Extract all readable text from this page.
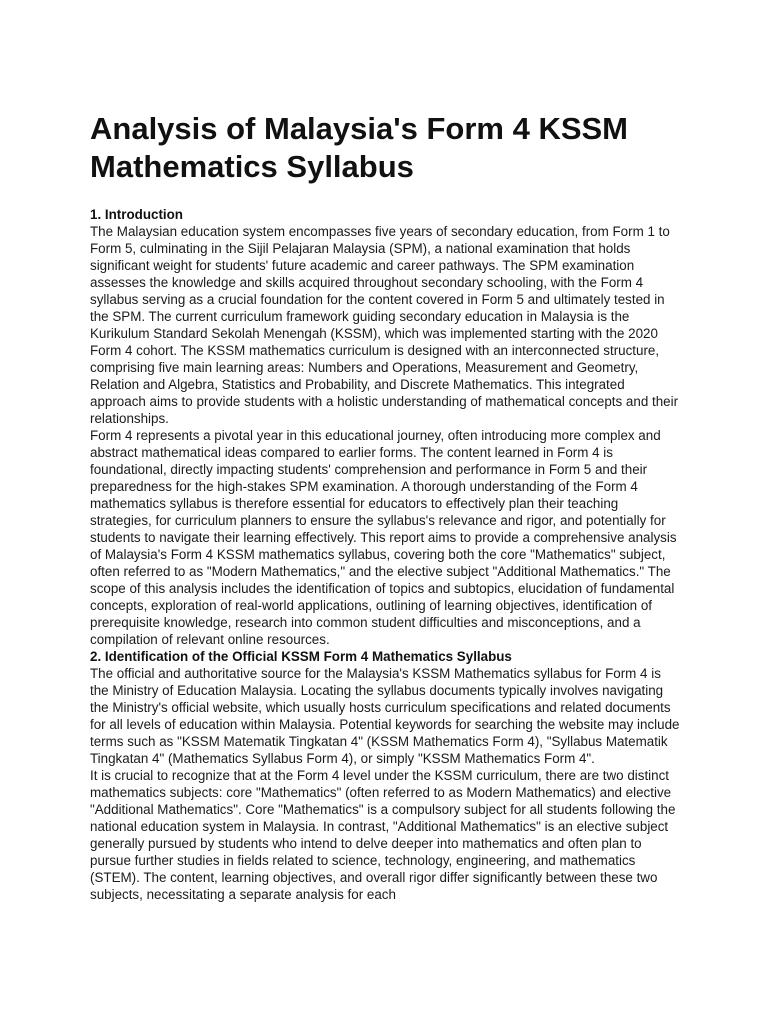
Analysis of Malaysia's Form 4 KSSM Mathematics Syllabus
1. Introduction

The Malaysian education system encompasses five years of secondary education, from Form 1 to Form 5, culminating in the Sijil Pelajaran Malaysia (SPM), a national examination that holds significant weight for students' future academic and career pathways. The SPM examination assesses the knowledge and skills acquired throughout secondary schooling, with the Form 4 syllabus serving as a crucial foundation for the content covered in Form 5 and ultimately tested in the SPM. The current curriculum framework guiding secondary education in Malaysia is the Kurikulum Standard Sekolah Menengah (KSSM), which was implemented starting with the 2020 Form 4 cohort. The KSSM mathematics curriculum is designed with an interconnected structure, comprising five main learning areas: Numbers and Operations, Measurement and Geometry, Relation and Algebra, Statistics and Probability, and Discrete Mathematics. This integrated approach aims to provide students with a holistic understanding of mathematical concepts and their relationships.

Form 4 represents a pivotal year in this educational journey, often introducing more complex and abstract mathematical ideas compared to earlier forms. The content learned in Form 4 is foundational, directly impacting students' comprehension and performance in Form 5 and their preparedness for the high-stakes SPM examination. A thorough understanding of the Form 4 mathematics syllabus is therefore essential for educators to effectively plan their teaching strategies, for curriculum planners to ensure the syllabus's relevance and rigor, and potentially for students to navigate their learning effectively. This report aims to provide a comprehensive analysis of Malaysia's Form 4 KSSM mathematics syllabus, covering both the core "Mathematics" subject, often referred to as "Modern Mathematics," and the elective subject "Additional Mathematics." The scope of this analysis includes the identification of topics and subtopics, elucidation of fundamental concepts, exploration of real-world applications, outlining of learning objectives, identification of prerequisite knowledge, research into common student difficulties and misconceptions, and a compilation of relevant online resources.

2. Identification of the Official KSSM Form 4 Mathematics Syllabus

The official and authoritative source for the Malaysia's KSSM Mathematics syllabus for Form 4 is the Ministry of Education Malaysia. Locating the syllabus documents typically involves navigating the Ministry's official website, which usually hosts curriculum specifications and related documents for all levels of education within Malaysia. Potential keywords for searching the website may include terms such as "KSSM Matematik Tingkatan 4" (KSSM Mathematics Form 4), "Syllabus Matematik Tingkatan 4" (Mathematics Syllabus Form 4), or simply "KSSM Mathematics Form 4".

It is crucial to recognize that at the Form 4 level under the KSSM curriculum, there are two distinct mathematics subjects: core "Mathematics" (often referred to as Modern Mathematics) and elective "Additional Mathematics". Core "Mathematics" is a compulsory subject for all students following the national education system in Malaysia. In contrast, "Additional Mathematics" is an elective subject generally pursued by students who intend to delve deeper into mathematics and often plan to pursue further studies in fields related to science, technology, engineering, and mathematics (STEM). The content, learning objectives, and overall rigor differ significantly between these two subjects, necessitating a separate analysis for each
